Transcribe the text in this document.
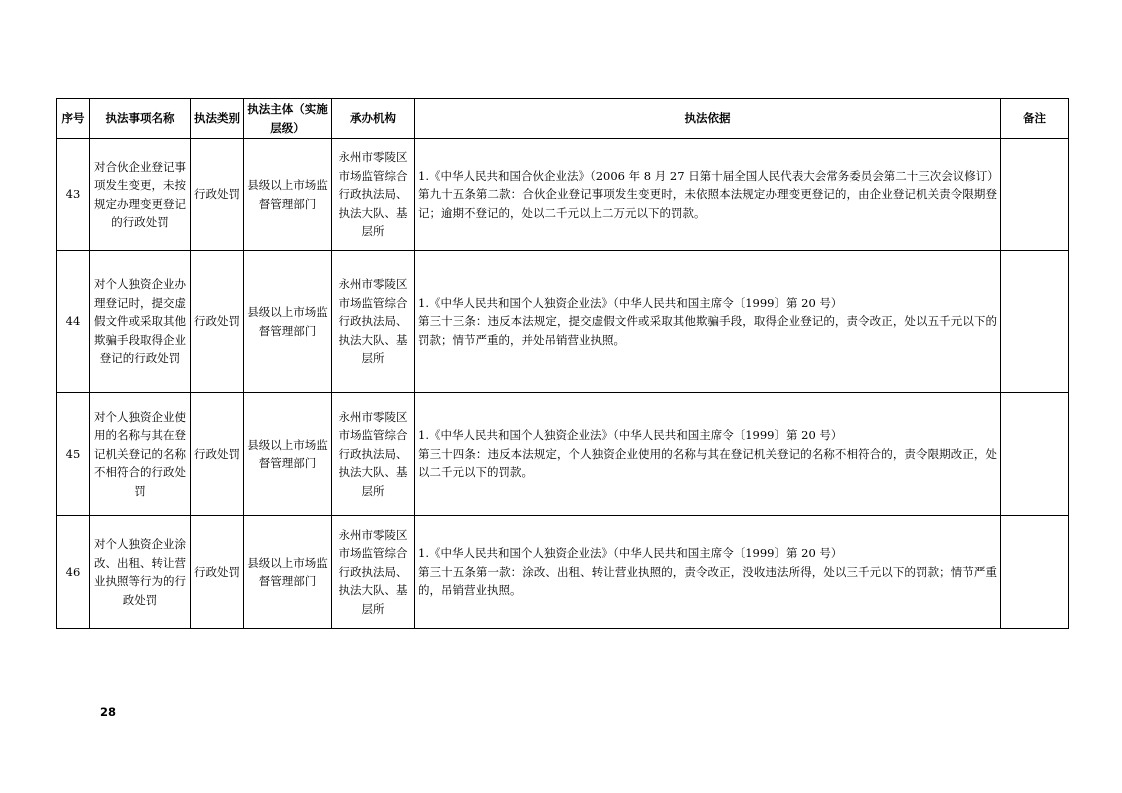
序号	执法事项名称	执法类别	执法主体（实施层级）	承办机构	执法依据	备注
43	对合伙企业登记事项发生变更，未按规定办理变更登记的行政处罚	行政处罚	县级以上市场监督管理部门	永州市零陵区市场监管综合行政执法局、执法大队、基层所	1.《中华人民共和国合伙企业法》（2006 年 8 月 27 日第十届全国人民代表大会常务委员会第二十三次会议修订）
第九十五条第二款：合伙企业登记事项发生变更时，未依照本法规定办理变更登记的，由企业登记机关责令限期登记；逾期不登记的，处以二千元以上二万元以下的罚款。	

44	对个人独资企业办理登记时，提交虚假文件或采取其他欺骗手段取得企业登记的行政处罚	行政处罚	县级以上市场监督管理部门	永州市零陵区市场监管综合行政执法局、执法大队、基层所	1.《中华人民共和国个人独资企业法》（中华人民共和国主席令〔1999〕第 20 号）
第三十三条：违反本法规定，提交虚假文件或采取其他欺骗手段，取得企业登记的，责令改正，处以五千元以下的罚款；情节严重的，并处吊销营业执照。	

45	对个人独资企业使用的名称与其在登记机关登记的名称不相符合的行政处罚	行政处罚	县级以上市场监督管理部门	永州市零陵区市场监管综合行政执法局、执法大队、基层所	1.《中华人民共和国个人独资企业法》（中华人民共和国主席令〔1999〕第 20 号）
第三十四条：违反本法规定，个人独资企业使用的名称与其在登记机关登记的名称不相符合的，责令限期改正，处以二千元以下的罚款。	

46	对个人独资企业涂改、出租、转让营业执照等行为的行政处罚	行政处罚	县级以上市场监督管理部门	永州市零陵区市场监管综合行政执法局、执法大队、基层所	1.《中华人民共和国个人独资企业法》（中华人民共和国主席令〔1999〕第 20 号）
第三十五条第一款：涂改、出租、转让营业执照的，责令改正，没收违法所得，处以三千元以下的罚款；情节严重的，吊销营业执照。	

28
